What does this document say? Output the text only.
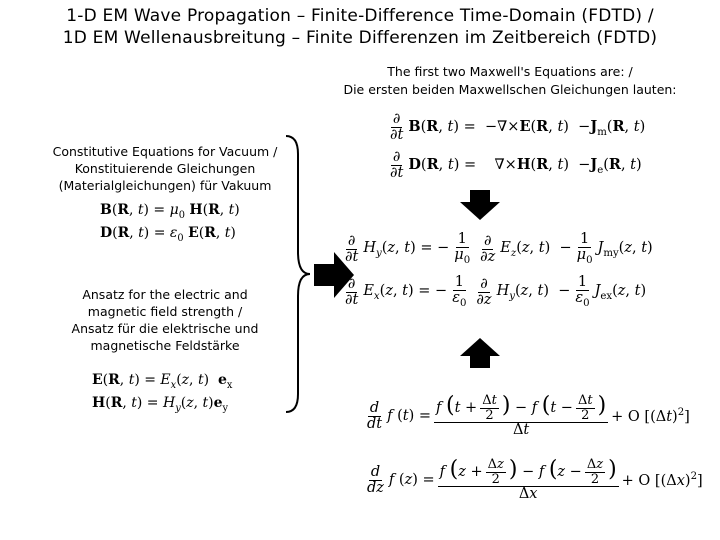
1-D EM Wave Propagation – Finite-Difference Time-Domain (FDTD) /
1D EM Wellenausbreitung – Finite Differenzen im Zeitbereich (FDTD)
The first two Maxwell's Equations are: /
Die ersten beiden Maxwellschen Gleichungen lauten:
$\frac{\partial}{\partial t} B(R$, t) =  −∇×E(R, $t) -J_m(R$, t)
$\frac{\partial}{\partial t} D(R$, t) =    ∇×H(R, $t) -J_e(R$, t)
Constitutive Equations for Vacuum /
Konstituierende Gleichungen
(Materialgleichungen) für Vakuum
B(R, $t) = \mu_0$ H(R, t)
D(R, $t) = \varepsilon_0$ E(R, t)
Ansatz for the electric and
magnetic field strength /
Ansatz für die elektrische und
magnetische Feldstärke
E(R, $t) = E_x(z$, t)  $e_x$
H(R, $t) = H_y(z$, $t)e_y$
$\frac{\partial}{\partial t} H_y(z$, t) = − $\frac{1}{\mu_0} \frac{\partial}{\partial z} E_z(z$, $t) - \frac{1}{\mu_0} J_{my}(z$, t)
$\frac{\partial}{\partial t} E_x(z$, t) = − $\frac{1}{\varepsilon_0} \frac{\partial}{\partial z} H_y(z$, $t) - \frac{1}{\varepsilon_0} J_{ex}(z$, t)
$\frac{d}{dt}$ f $(t) = \frac{f (t + \frac{\Delta t}{2} ) - f (t - \frac{\Delta t}{2} )}{\Delta t} + O$ $[(\Delta t)^2]$
$\frac{d}{dz}$ f $(z) = \frac{f (z + \frac{\Delta z}{2} ) - f (z - \frac{\Delta z}{2} )}{\Delta x} + O$ $[(\Delta x)^2]$
